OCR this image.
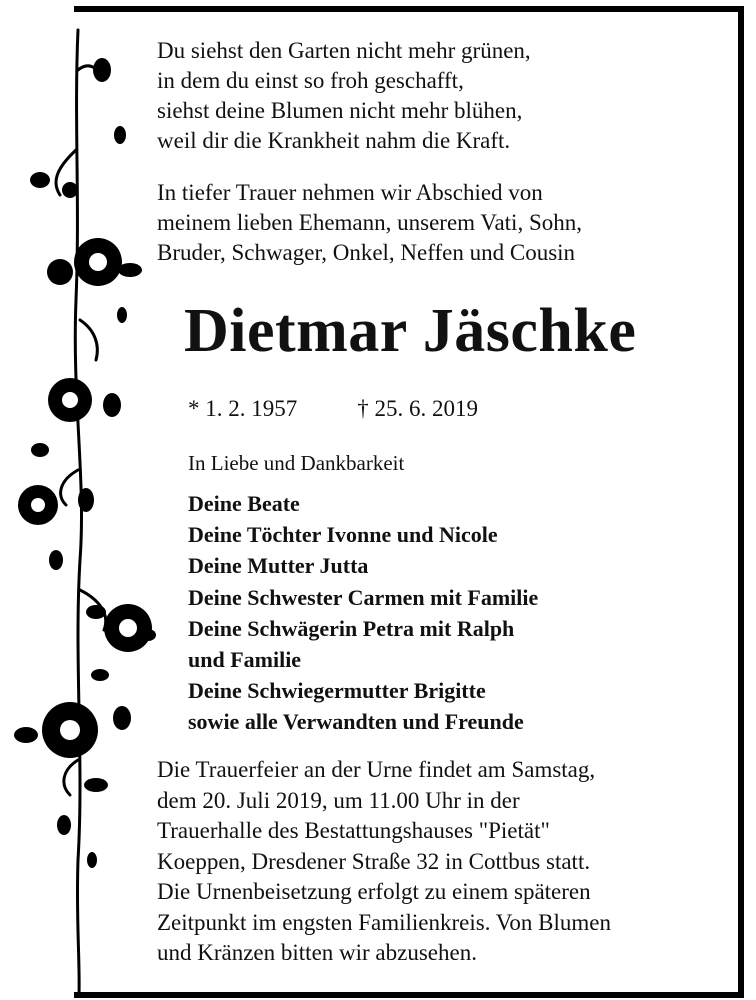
Du siehst den Garten nicht mehr grünen,
in dem du einst so froh geschafft,
siehst deine Blumen nicht mehr blühen,
weil dir die Krankheit nahm die Kraft.
In tiefer Trauer nehmen wir Abschied von
meinem lieben Ehemann, unserem Vati, Sohn,
Bruder, Schwager, Onkel, Neffen und Cousin
Dietmar Jäschke
* 1. 2. 1957	† 25. 6. 2019
In Liebe und Dankbarkeit
Deine Beate
Deine Töchter Ivonne und Nicole
Deine Mutter Jutta
Deine Schwester Carmen mit Familie
Deine Schwägerin Petra mit Ralph
und Familie
Deine Schwiegermutter Brigitte
sowie alle Verwandten und Freunde
Die Trauerfeier an der Urne findet am Samstag,
dem 20. Juli 2019, um 11.00 Uhr in der
Trauerhalle des Bestattungshauses "Pietät"
Koeppen, Dresdener Straße 32 in Cottbus statt.
Die Urnenbeisetzung erfolgt zu einem späteren
Zeitpunkt im engsten Familienkreis. Von Blumen
und Kränzen bitten wir abzusehen.
